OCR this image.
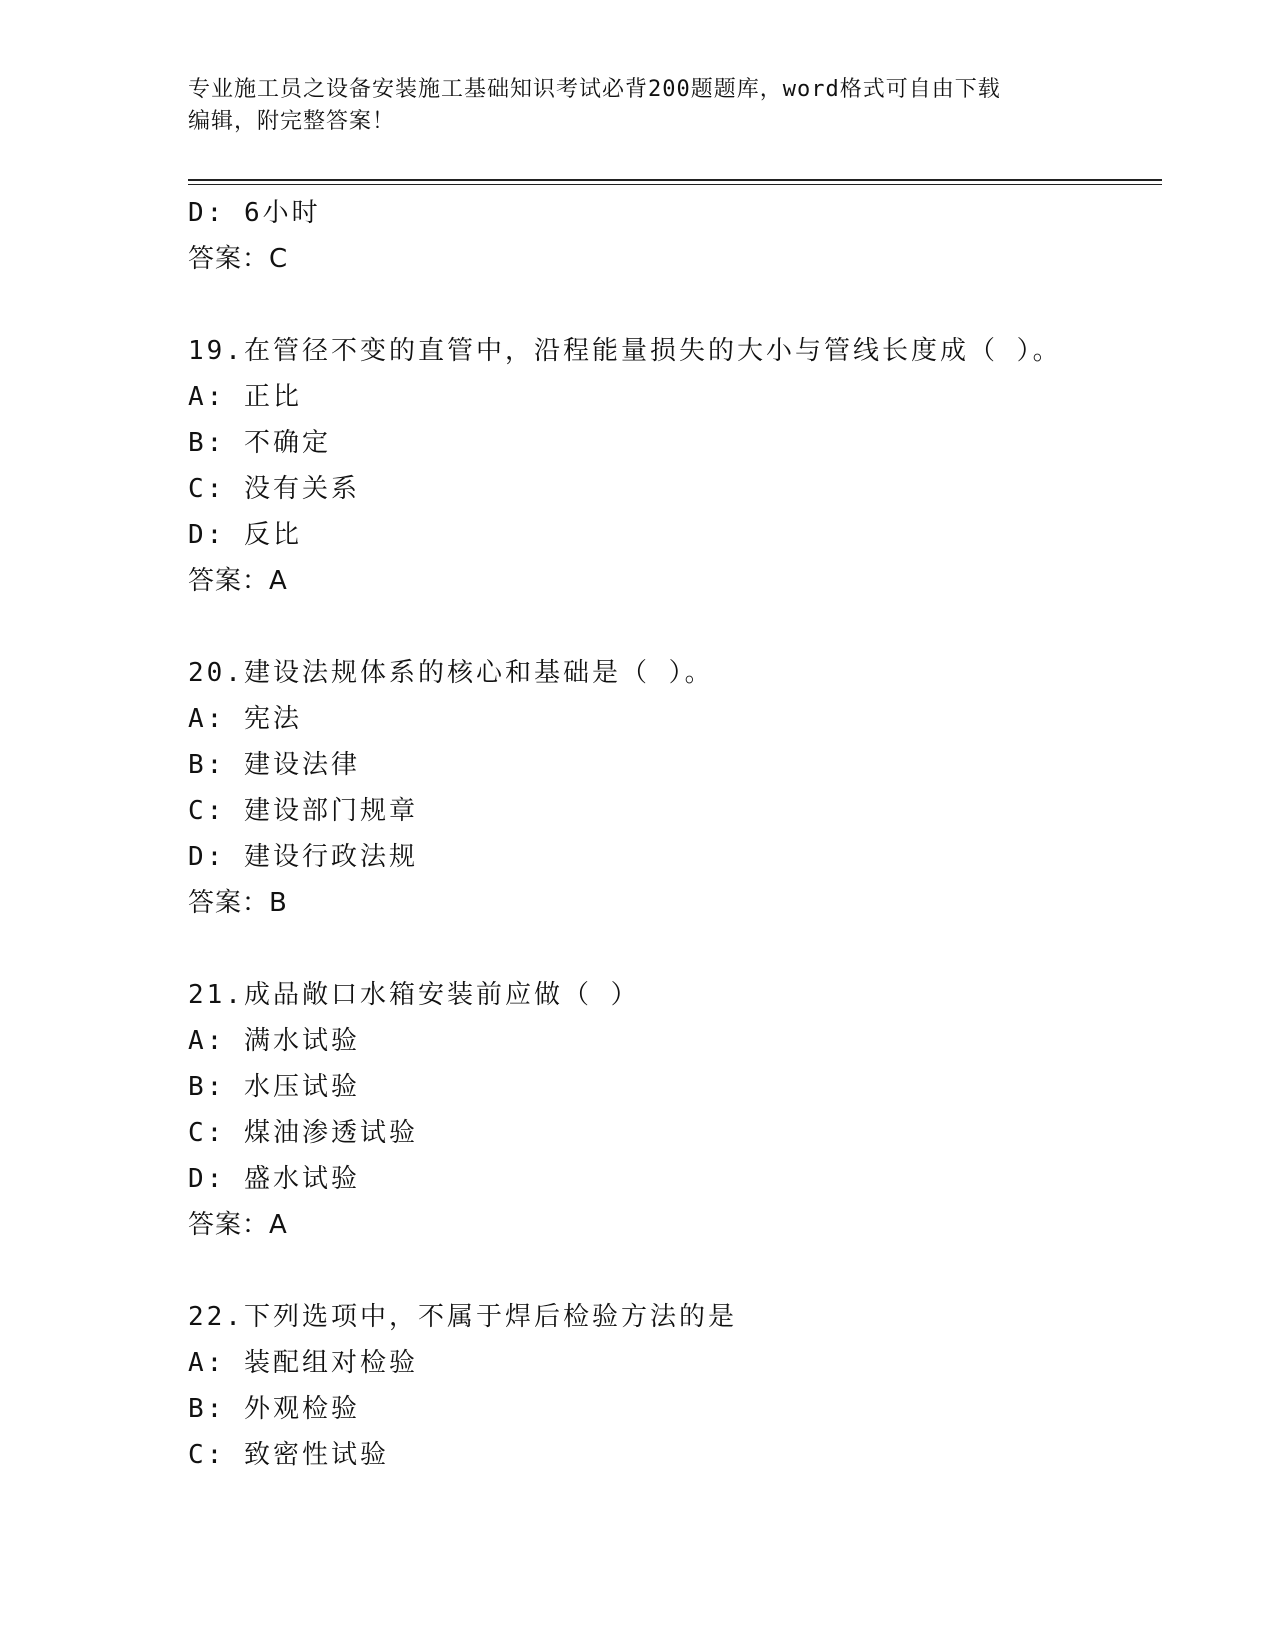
专业施工员之设备安装施工基础知识考试必背200题题库，word格式可自由下载
编辑，附完整答案！
D: 6小时
答案：C
19.在管径不变的直管中，沿程能量损失的大小与管线长度成（ ）。
A: 正比
B: 不确定
C: 没有关系
D: 反比
答案：A
20.建设法规体系的核心和基础是（ ）。
A: 宪法
B: 建设法律
C: 建设部门规章
D: 建设行政法规
答案：B
21.成品敞口水箱安装前应做（ ）
A: 满水试验
B: 水压试验
C: 煤油渗透试验
D: 盛水试验
答案：A
22.下列选项中，不属于焊后检验方法的是
A: 装配组对检验
B: 外观检验
C: 致密性试验
